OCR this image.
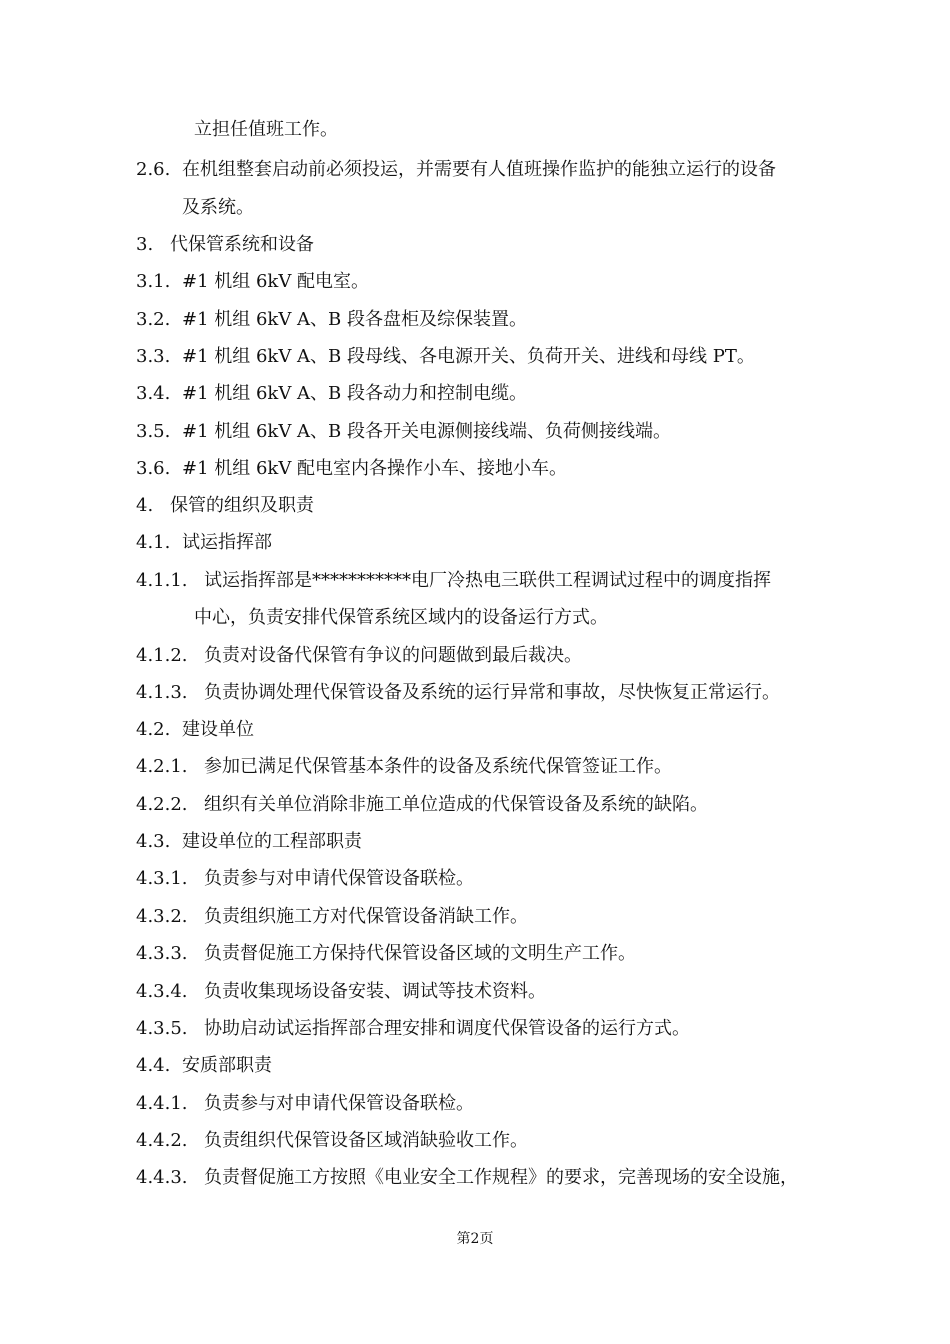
立担任值班工作。
2.6. 在机组整套启动前必须投运，并需要有人值班操作监护的能独立运行的设备
及系统。
3. 代保管系统和设备
3.1. #1 机组 6kV 配电室。
3.2. #1 机组 6kV A、B 段各盘柜及综保装置。
3.3. #1 机组 6kV A、B 段母线、各电源开关、负荷开关、进线和母线 PT。
3.4. #1 机组 6kV A、B 段各动力和控制电缆。
3.5. #1 机组 6kV A、B 段各开关电源侧接线端、负荷侧接线端。
3.6. #1 机组 6kV 配电室内各操作小车、接地小车。
4. 保管的组织及职责
4.1. 试运指挥部
4.1.1. 试运指挥部是***********电厂冷热电三联供工程调试过程中的调度指挥
中心，负责安排代保管系统区域内的设备运行方式。
4.1.2. 负责对设备代保管有争议的问题做到最后裁决。
4.1.3. 负责协调处理代保管设备及系统的运行异常和事故，尽快恢复正常运行。
4.2. 建设单位
4.2.1. 参加已满足代保管基本条件的设备及系统代保管签证工作。
4.2.2. 组织有关单位消除非施工单位造成的代保管设备及系统的缺陷。
4.3. 建设单位的工程部职责
4.3.1. 负责参与对申请代保管设备联检。
4.3.2. 负责组织施工方对代保管设备消缺工作。
4.3.3. 负责督促施工方保持代保管设备区域的文明生产工作。
4.3.4. 负责收集现场设备安装、调试等技术资料。
4.3.5. 协助启动试运指挥部合理安排和调度代保管设备的运行方式。
4.4. 安质部职责
4.4.1. 负责参与对申请代保管设备联检。
4.4.2. 负责组织代保管设备区域消缺验收工作。
4.4.3. 负责督促施工方按照《电业安全工作规程》的要求，完善现场的安全设施，
第2页
